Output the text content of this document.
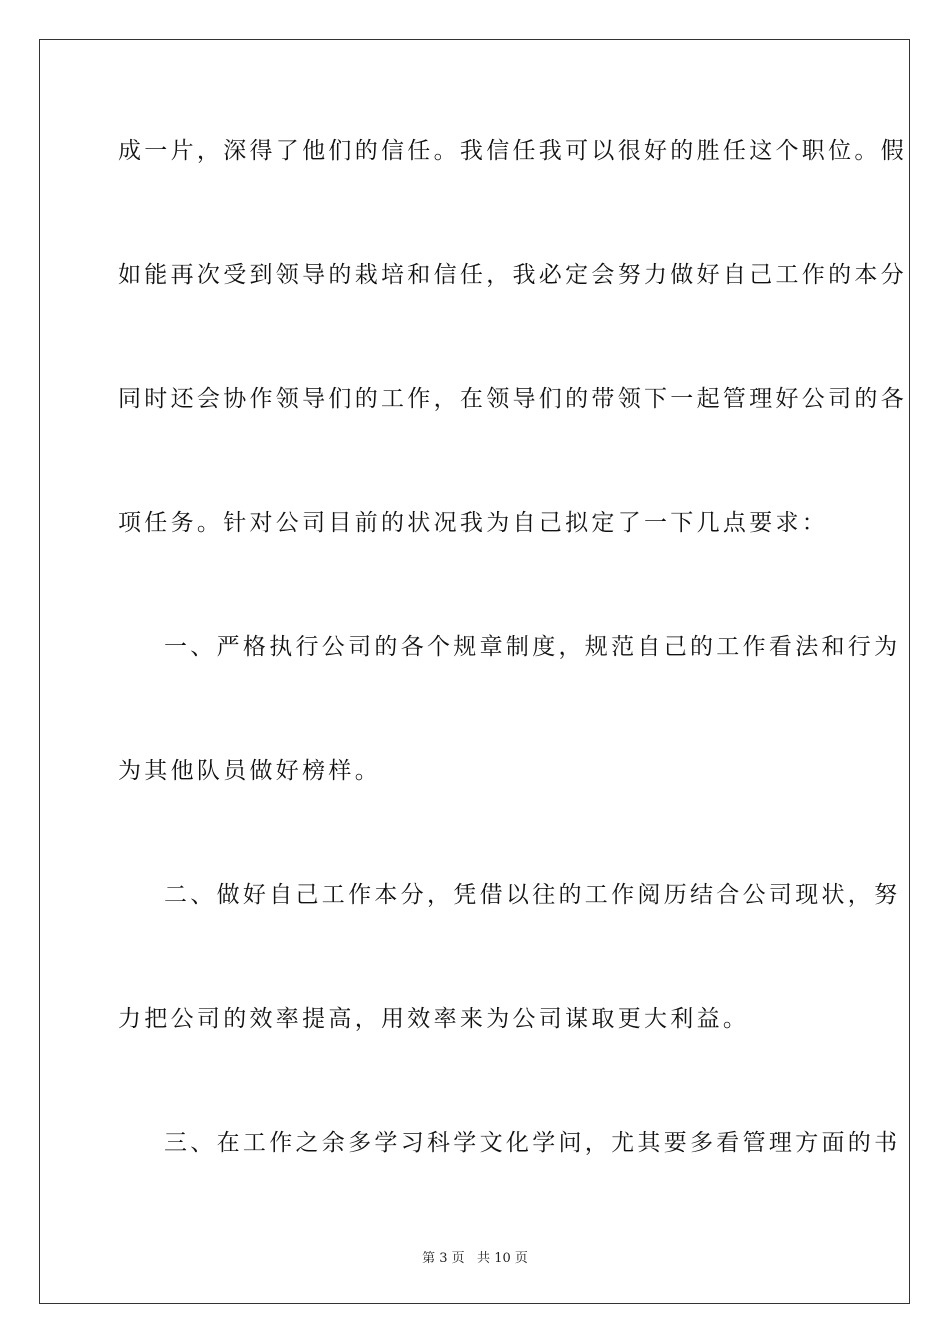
成一片，深得了他们的信任。我信任我可以很好的胜任这个职位。假
如能再次受到领导的栽培和信任，我必定会努力做好自己工作的本分
同时还会协作领导们的工作，在领导们的带领下一起管理好公司的各
项任务。针对公司目前的状况我为自己拟定了一下几点要求：
一、严格执行公司的各个规章制度，规范自己的工作看法和行为
为其他队员做好榜样。
二、做好自己工作本分，凭借以往的工作阅历结合公司现状，努
力把公司的效率提高，用效率来为公司谋取更大利益。
三、在工作之余多学习科学文化学问，尤其要多看管理方面的书
第 3 页   共 10 页
